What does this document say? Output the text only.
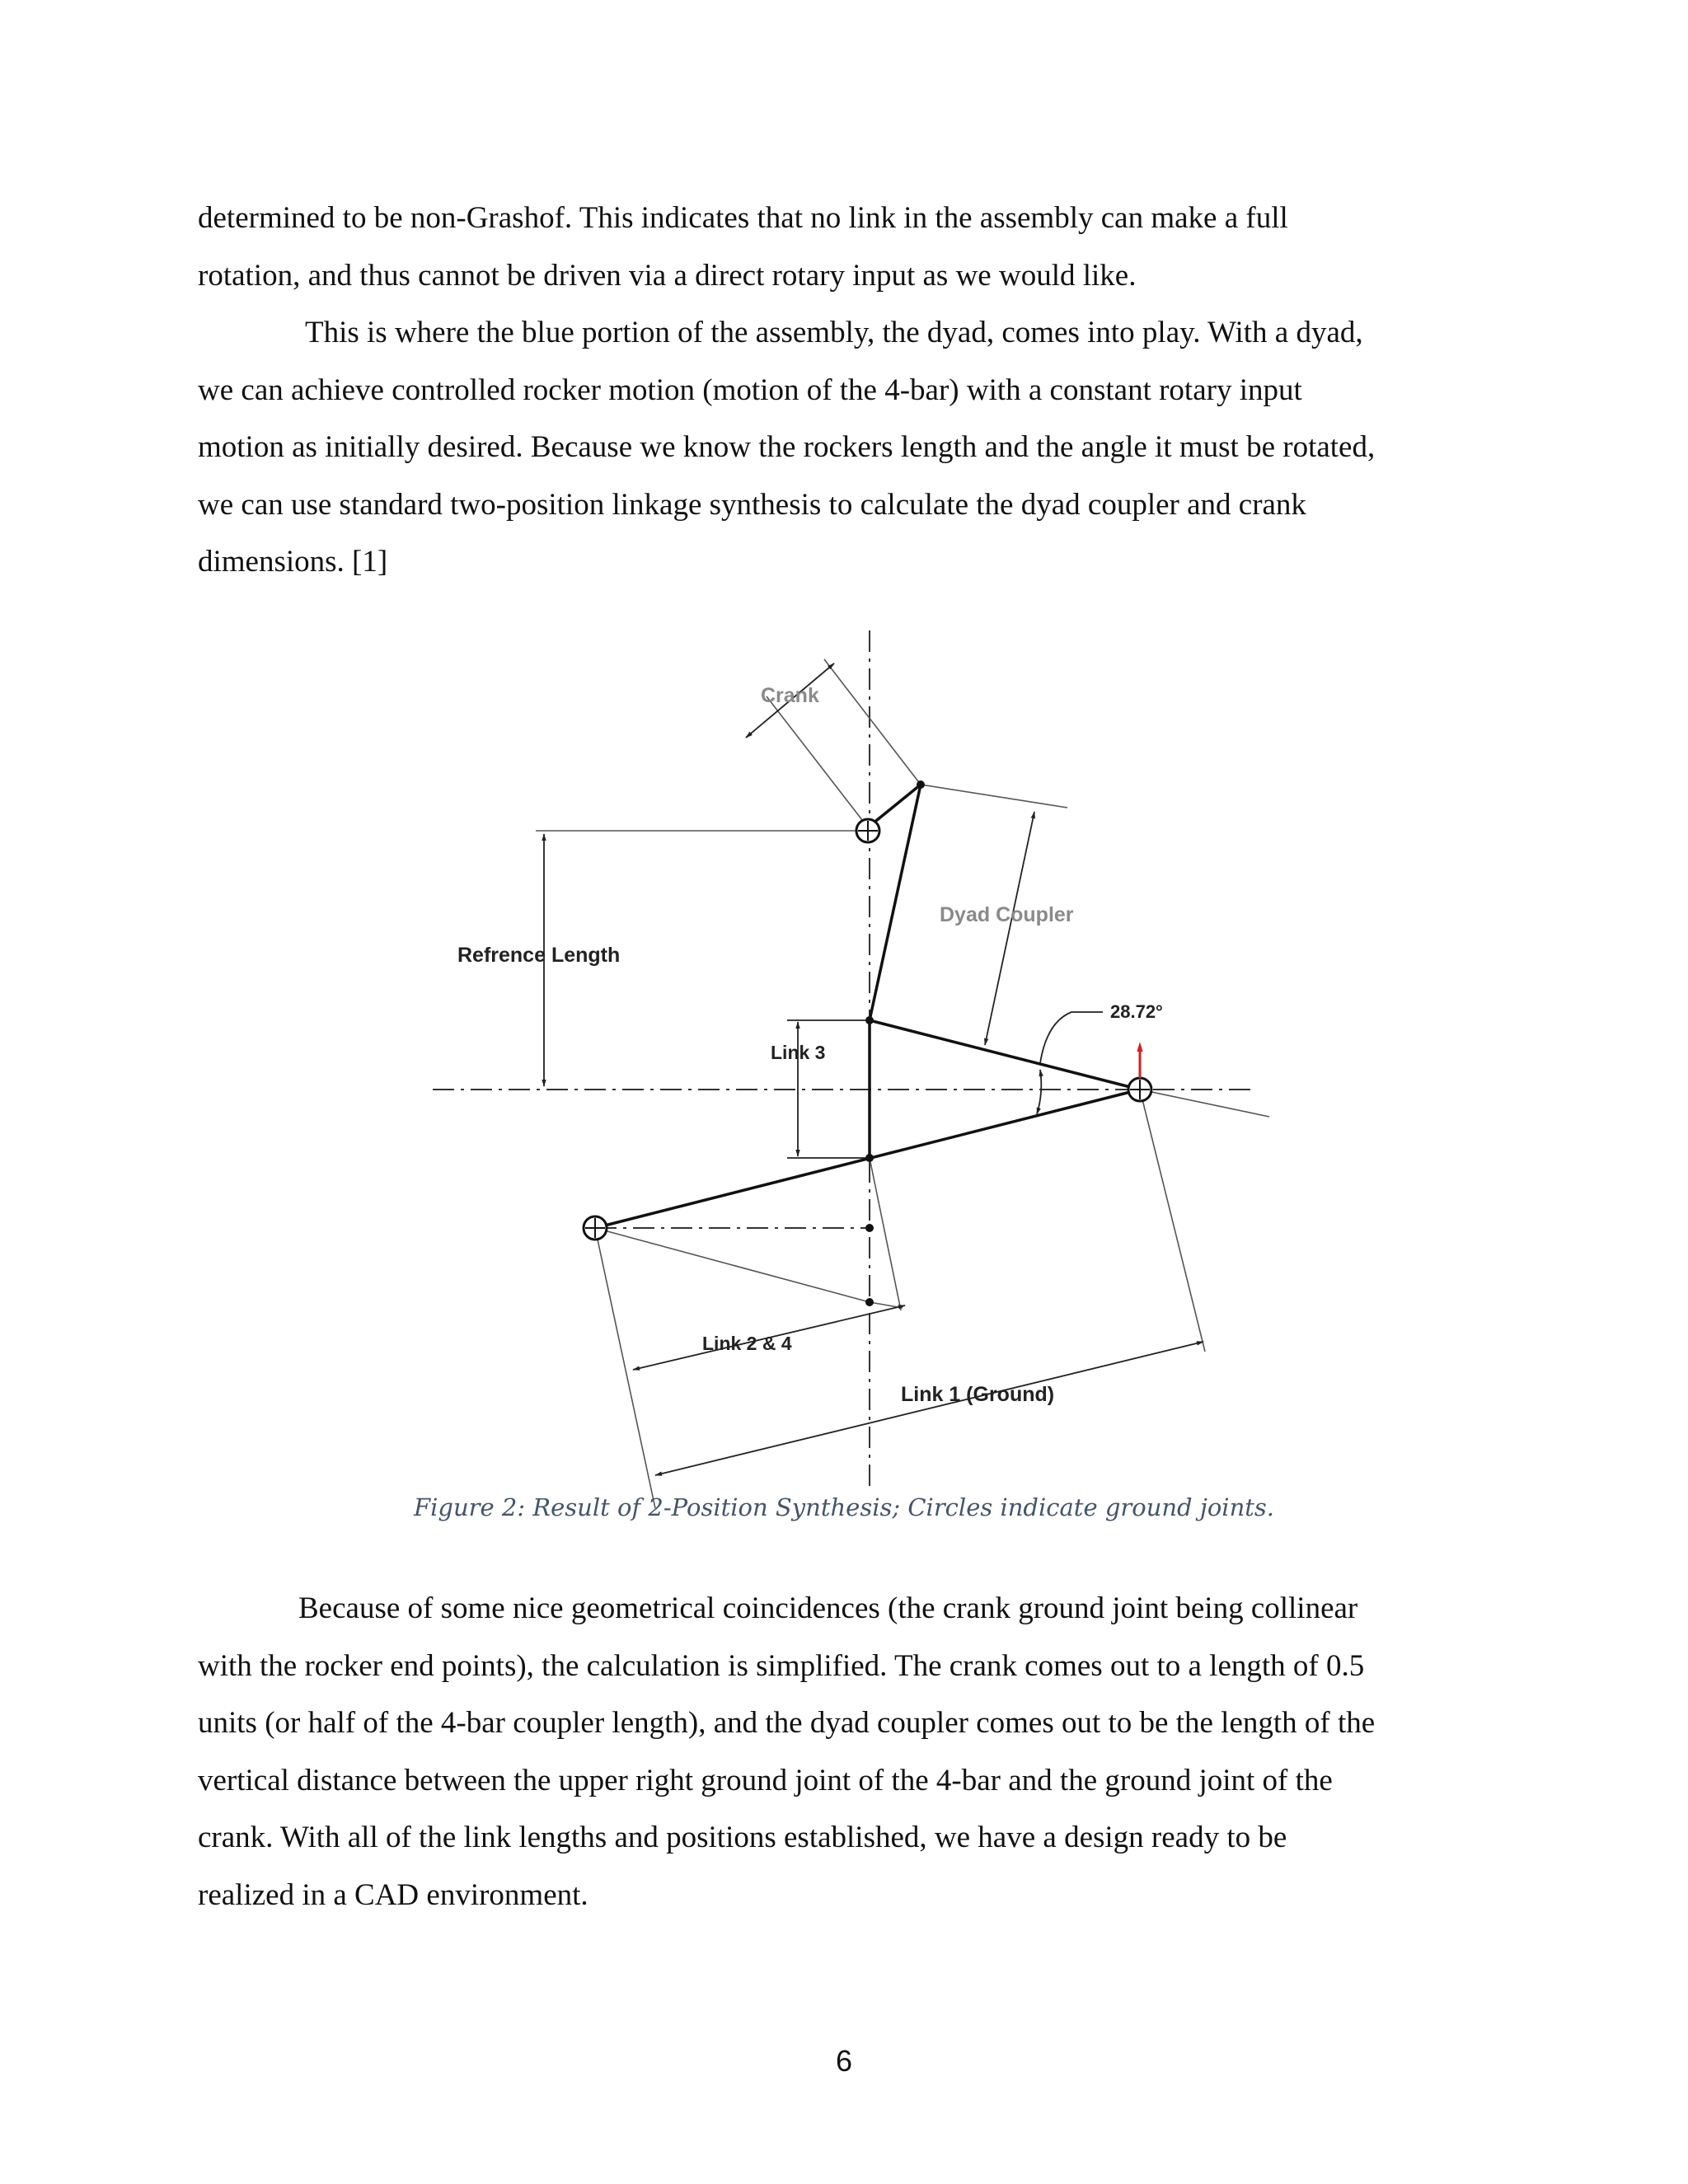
determined to be non-Grashof. This indicates that no link in the assembly can make a full
rotation, and thus cannot be driven via a direct rotary input as we would like.

This is where the blue portion of the assembly, the dyad, comes into play. With a dyad,
we can achieve controlled rocker motion (motion of the 4-bar) with a constant rotary input
motion as initially desired. Because we know the rockers length and the angle it must be rotated,
we can use standard two-position linkage synthesis to calculate the dyad coupler and crank
dimensions. [1]

Crank
Dyad Coupler
Refrence Length
28.72°
Link 3
Link 2 & 4
Link 1 (Ground)
Figure 2: Result of 2-Position Synthesis; Circles indicate ground joints.

Because of some nice geometrical coincidences (the crank ground joint being collinear
with the rocker end points), the calculation is simplified. The crank comes out to a length of 0.5
units (or half of the 4-bar coupler length), and the dyad coupler comes out to be the length of the
vertical distance between the upper right ground joint of the 4-bar and the ground joint of the
crank. With all of the link lengths and positions established, we have a design ready to be
realized in a CAD environment.

6
